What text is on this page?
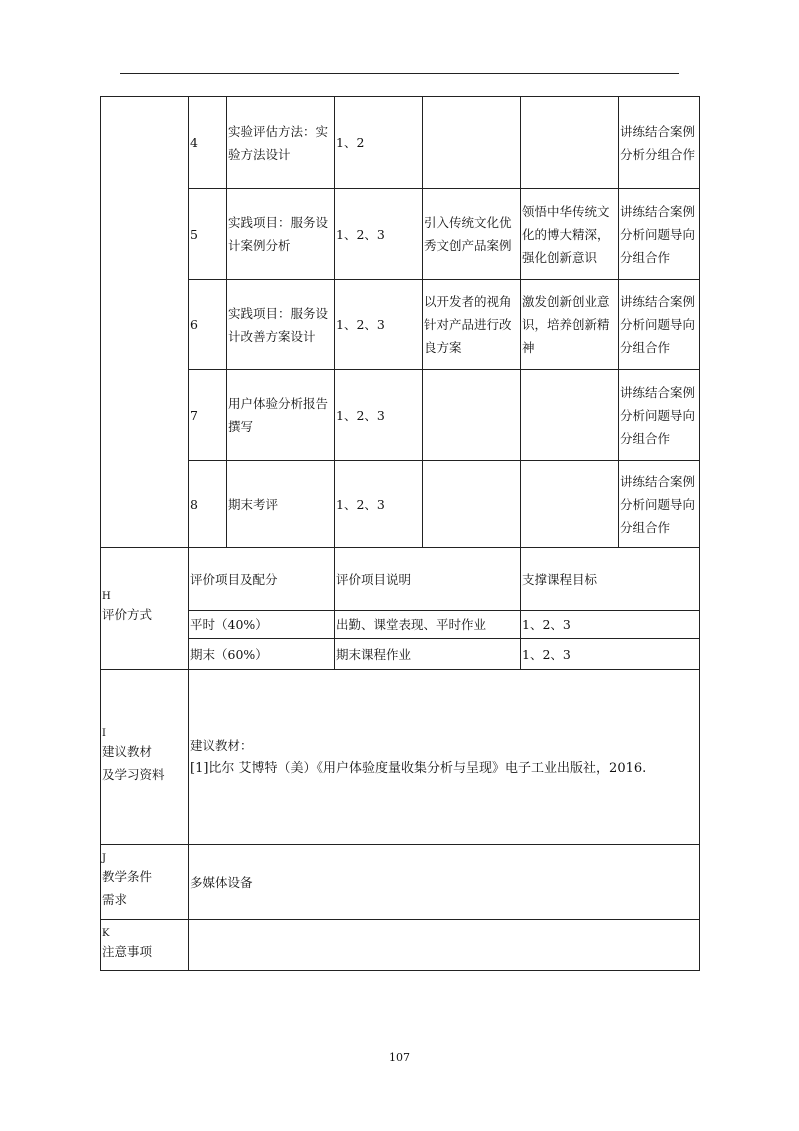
	4	实验评估方法：实验方法设计	1、2			讲练结合案例分析分组合作
	5	实践项目：服务设计案例分析	1、2、3	引入传统文化优秀文创产品案例	领悟中华传统文化的博大精深，强化创新意识	讲练结合案例分析问题导向分组合作
	6	实践项目：服务设计改善方案设计	1、2、3	以开发者的视角针对产品进行改良方案	激发创新创业意识，培养创新精神	讲练结合案例分析问题导向分组合作
	7	用户体验分析报告撰写	1、2、3			讲练结合案例分析问题导向分组合作
	8	期末考评	1、2、3			讲练结合案例分析问题导向分组合作

H
评价方式	评价项目及配分		评价项目说明		支撑课程目标	
	平时（40%）		出勤、课堂表现、平时作业		1、2、3	
	期末（60%）		期末课程作业		1、2、3	

I
建议教材
及学习资料	建议教材：
[1]比尔 艾博特（美）《用户体验度量收集分析与呈现》电子工业出版社，2016.					

J
教学条件
需求	多媒体设备					

K
注意事项						
107
